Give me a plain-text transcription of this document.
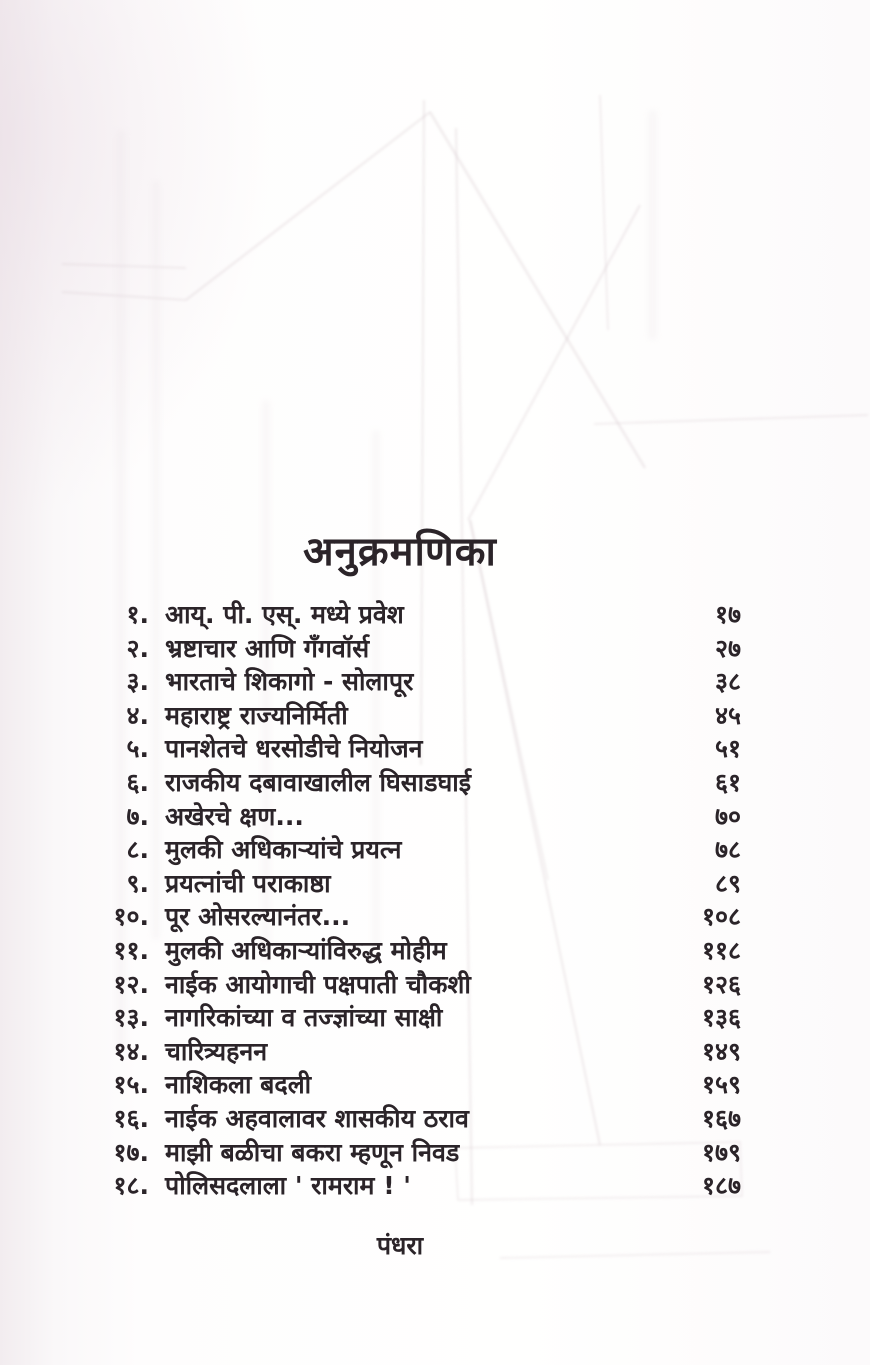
अनुक्रमणिका
१. आय्. पी. एस्. मध्ये प्रवेश	१७
२. भ्रष्टाचार आणि गँगवॉर्स	२७
३. भारताचे शिकागो - सोलापूर	३८
४. महाराष्ट्र राज्यनिर्मिती	४५
५. पानशेतचे धरसोडीचे नियोजन	५१
६. राजकीय दबावाखालील घिसाडघाई	६१
७. अखेरचे क्षण...	७०
८. मुलकी अधिकाऱ्यांचे प्रयत्न	७८
९. प्रयत्नांची पराकाष्ठा	८९
१०. पूर ओसरल्यानंतर...	१०८
११. मुलकी अधिकाऱ्यांविरुद्ध मोहीम	११८
१२. नाईक आयोगाची पक्षपाती चौकशी	१२६
१३. नागरिकांच्या व तज्ज्ञांच्या साक्षी	१३६
१४. चारित्र्यहनन	१४९
१५. नाशिकला बदली	१५९
१६. नाईक अहवालावर शासकीय ठराव	१६७
१७. माझी बळीचा बकरा म्हणून निवड	१७९
१८. पोलिसदलाला ' रामराम ! '	१८७
पंधरा
